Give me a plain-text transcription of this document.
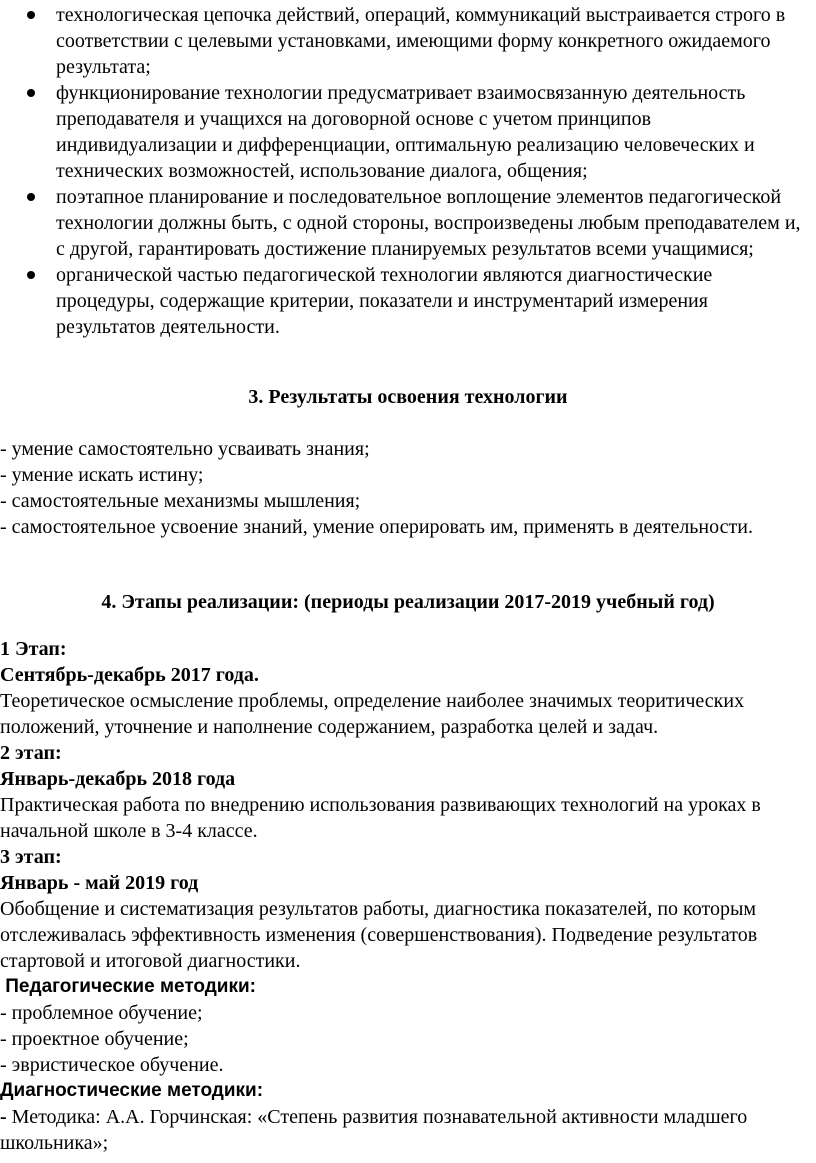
технологическая цепочка действий, операций, коммуникаций выстраивается строго в соответствии с целевыми установками, имеющими форму конкретного ожидаемого результата;
функционирование технологии предусматривает взаимосвязанную деятельность преподавателя и учащихся на договорной основе с учетом принципов индивидуализации и дифференциации, оптимальную реализацию человеческих и технических возможностей, использование диалога, общения;
поэтапное планирование и последовательное воплощение элементов педагогической технологии должны быть, с одной стороны, воспроизведены любым преподавателем и, с другой, гарантировать достижение планируемых результатов всеми учащимися;
органической частью педагогической технологии являются диагностические процедуры, содержащие критерии, показатели и инструментарий измерения результатов деятельности.
3. Результаты освоения технологии
- умение самостоятельно усваивать знания;
- умение искать истину;
- самостоятельные механизмы мышления;
- самостоятельное усвоение знаний, умение оперировать им, применять в деятельности.
4. Этапы реализации: (периоды реализации 2017-2019 учебный год)
1 Этап:
Сентябрь-декабрь 2017 года.
Теоретическое осмысление проблемы, определение наиболее значимых теоритических положений, уточнение и наполнение содержанием, разработка целей и задач.
2 этап:
Январь-декабрь 2018 года
Практическая работа по внедрению использования развивающих технологий на уроках в начальной школе в 3-4 классе.
3 этап:
Январь - май 2019 год
Обобщение и систематизация результатов работы, диагностика показателей, по которым отслеживалась эффективность изменения (совершенствования). Подведение результатов стартовой и итоговой диагностики.
Педагогические методики:
- проблемное обучение;
- проектное обучение;
- эвристическое обучение.
Диагностические методики:
- Методика: А.А. Горчинская: «Степень развития познавательной активности младшего школьника»;
